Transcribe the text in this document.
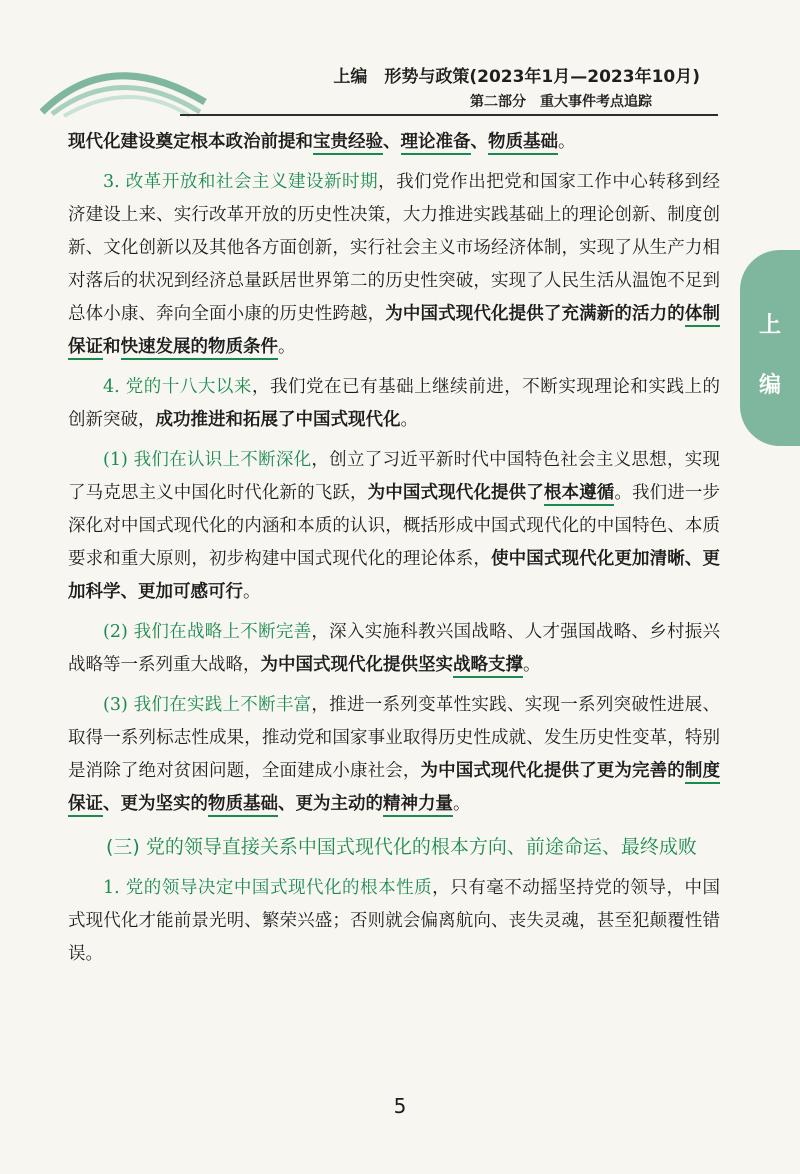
上编　形势与政策(2023年1月—2023年10月)
第二部分　重大事件考点追踪
上
编

现代化建设奠定根本政治前提和宝贵经验、理论准备、物质基础。

3. 改革开放和社会主义建设新时期，我们党作出把党和国家工作中心转移到经济建设上来、实行改革开放的历史性决策，大力推进实践基础上的理论创新、制度创新、文化创新以及其他各方面创新，实行社会主义市场经济体制，实现了从生产力相对落后的状况到经济总量跃居世界第二的历史性突破，实现了人民生活从温饱不足到总体小康、奔向全面小康的历史性跨越，为中国式现代化提供了充满新的活力的体制保证和快速发展的物质条件。

4. 党的十八大以来，我们党在已有基础上继续前进，不断实现理论和实践上的创新突破，成功推进和拓展了中国式现代化。

(1) 我们在认识上不断深化，创立了习近平新时代中国特色社会主义思想，实现了马克思主义中国化时代化新的飞跃，为中国式现代化提供了根本遵循。我们进一步深化对中国式现代化的内涵和本质的认识，概括形成中国式现代化的中国特色、本质要求和重大原则，初步构建中国式现代化的理论体系，使中国式现代化更加清晰、更加科学、更加可感可行。

(2) 我们在战略上不断完善，深入实施科教兴国战略、人才强国战略、乡村振兴战略等一系列重大战略，为中国式现代化提供坚实战略支撑。

(3) 我们在实践上不断丰富，推进一系列变革性实践、实现一系列突破性进展、取得一系列标志性成果，推动党和国家事业取得历史性成就、发生历史性变革，特别是消除了绝对贫困问题，全面建成小康社会，为中国式现代化提供了更为完善的制度保证、更为坚实的物质基础、更为主动的精神力量。

(三) 党的领导直接关系中国式现代化的根本方向、前途命运、最终成败

1. 党的领导决定中国式现代化的根本性质，只有毫不动摇坚持党的领导，中国式现代化才能前景光明、繁荣兴盛；否则就会偏离航向、丧失灵魂，甚至犯颠覆性错误。

5
